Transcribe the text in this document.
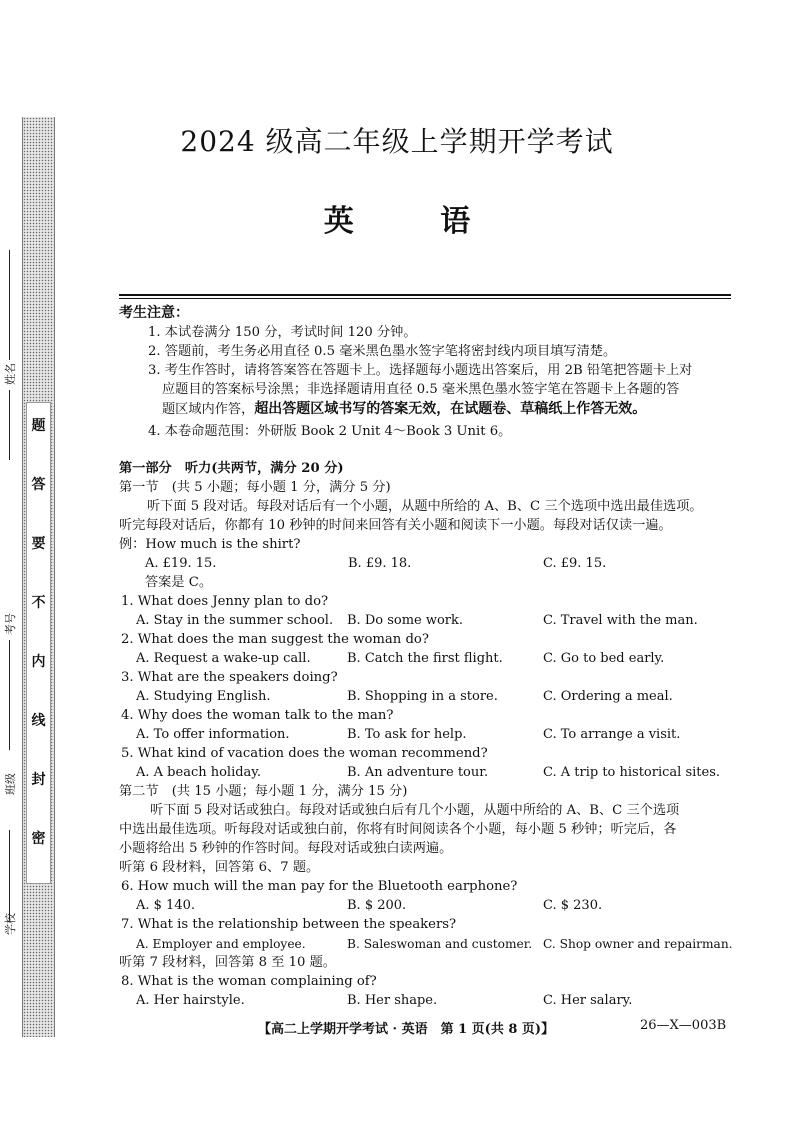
题
答
要
不
内
线
封
密
姓名
考号
班级
学校
2024 级高二年级上学期开学考试
英 语
考生注意：
1. 本试卷满分 150 分，考试时间 120 分钟。
2. 答题前，考生务必用直径 0.5 毫米黑色墨水签字笔将密封线内项目填写清楚。
3. 考生作答时，请将答案答在答题卡上。选择题每小题选出答案后，用 2B 铅笔把答题卡上对
应题目的答案标号涂黑；非选择题请用直径 0.5 毫米黑色墨水签字笔在答题卡上各题的答
题区域内作答，超出答题区域书写的答案无效，在试题卷、草稿纸上作答无效。
4. 本卷命题范围：外研版 Book 2 Unit 4～Book 3 Unit 6。
第一部分　听力(共两节，满分 20 分)
第一节　(共 5 小题；每小题 1 分，满分 5 分)
听下面 5 段对话。每段对话后有一个小题，从题中所给的 A、B、C 三个选项中选出最佳选项。
听完每段对话后，你都有 10 秒钟的时间来回答有关小题和阅读下一小题。每段对话仅读一遍。
例：How much is the shirt?
A. £19. 15.	B. £9. 18.	C. £9. 15.
答案是 C。
1. What does Jenny plan to do?
A. Stay in the summer school. B. Do some work.	C. Travel with the man.
2. What does the man suggest the woman do?
A. Request a wake-up call.	B. Catch the first flight.	C. Go to bed early.
3. What are the speakers doing?
A. Studying English.	B. Shopping in a store.	C. Ordering a meal.
4. Why does the woman talk to the man?
A. To offer information.	B. To ask for help.	C. To arrange a visit.
5. What kind of vacation does the woman recommend?
A. A beach holiday.	B. An adventure tour.	C. A trip to historical sites.
第二节　(共 15 小题；每小题 1 分，满分 15 分)
听下面 5 段对话或独白。每段对话或独白后有几个小题，从题中所给的 A、B、C 三个选项
中选出最佳选项。听每段对话或独白前，你将有时间阅读各个小题，每小题 5 秒钟；听完后，各
小题将给出 5 秒钟的作答时间。每段对话或独白读两遍。
听第 6 段材料，回答第 6、7 题。
6. How much will the man pay for the Bluetooth earphone?
A. $ 140.	B. $ 200.	C. $ 230.
7. What is the relationship between the speakers?
A. Employer and employee.	B. Saleswoman and customer. C. Shop owner and repairman.
听第 7 段材料，回答第 8 至 10 题。
8. What is the woman complaining of?
A. Her hairstyle.	B. Her shape.	C. Her salary.
【高二上学期开学考试 · 英语　第 1 页(共 8 页)】	26—X—003B
